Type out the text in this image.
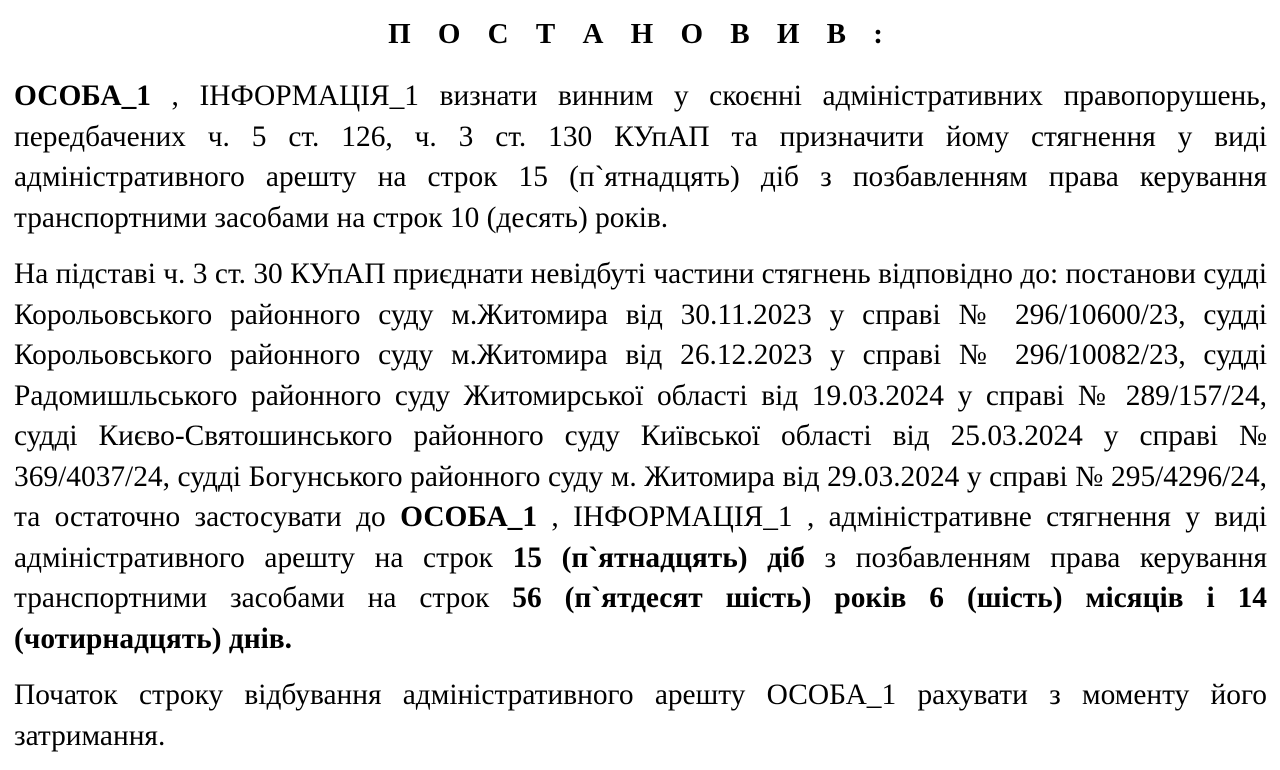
П О С Т А Н О В И В :

ОСОБА_1 , ІНФОРМАЦІЯ_1 визнати винним у скоєнні адміністративних правопорушень, передбачених ч. 5 ст. 126, ч. 3 ст. 130 КУпАП та призначити йому стягнення у виді адміністративного арешту на строк 15 (п`ятнадцять) діб з позбавленням права керування транспортними засобами на строк 10 (десять) років.

На підставі ч. 3 ст. 30 КУпАП приєднати невідбуті частини стягнень відповідно до: постанови судді Корольовського районного суду м.Житомира від 30.11.2023 у справі № 296/10600/23, судді Корольовського районного суду м.Житомира від 26.12.2023 у справі № 296/10082/23, судді Радомишльського районного суду Житомирської області від 19.03.2024 у справі № 289/157/24, судді Києво-Святошинського районного суду Київської області від 25.03.2024 у справі № 369/4037/24, судді Богунського районного суду м. Житомира від 29.03.2024 у справі № 295/4296/24, та остаточно застосувати до ОСОБА_1 , ІНФОРМАЦІЯ_1 , адміністративне стягнення у виді адміністративного арешту на строк 15 (п`ятнадцять) діб з позбавленням права керування транспортними засобами на строк 56 (п`ятдесят шість) років 6 (шість) місяців і 14 (чотирнадцять) днів.

Початок строку відбування адміністративного арешту ОСОБА_1 рахувати з моменту його затримання.
